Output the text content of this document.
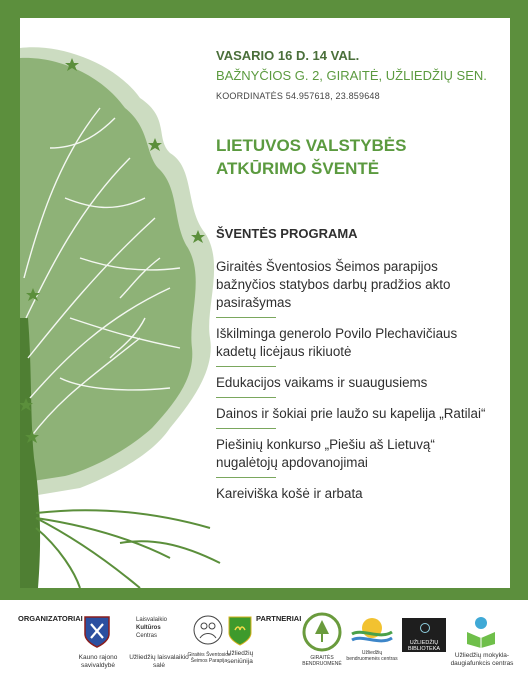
VASARIO 16 D. 14 VAL.
BAŽNYČIOS G. 2, GIRAITĖ, UŽLIEDŽIŲ SEN.
KOORDINATĖS 54.957618, 23.859648
LIETUVOS VALSTYBĖS
ATKŪRIMO ŠVENTĖ
ŠVENTĖS PROGRAMA
Giraitės Šventosios Šeimos parapijos bažnyčios statybos darbų pradžios akto pasirašymas
Iškilminga generolo Povilo Plechavičiaus kadetų licėjaus rikiuotė
Edukacijos vaikams ir suaugusiems
Dainos ir šokiai prie laužo su kapelija „Ratilai“
Piešinių konkurso „Piešiu aš Lietuvą“ nugalėtojų apdovanojimai
Kareiviška košė ir arbata
ORGANIZATORIAI	PARTNERIAI
Kauno rajono savivaldybė
Laisvalaikio
Kultūros
Centras
Užliedžių laisvalaikio salė
Giraitės Šventosios Šeimos Parapija
Užliedžių seniūnija	GIRAITĖS BENDRUOMENĖ
Užliedžių bendruomenės centras
UŽLIEDŽIŲ BIBLIOTEKA
Užliedžių mokykla-daugiafunkcis centras
